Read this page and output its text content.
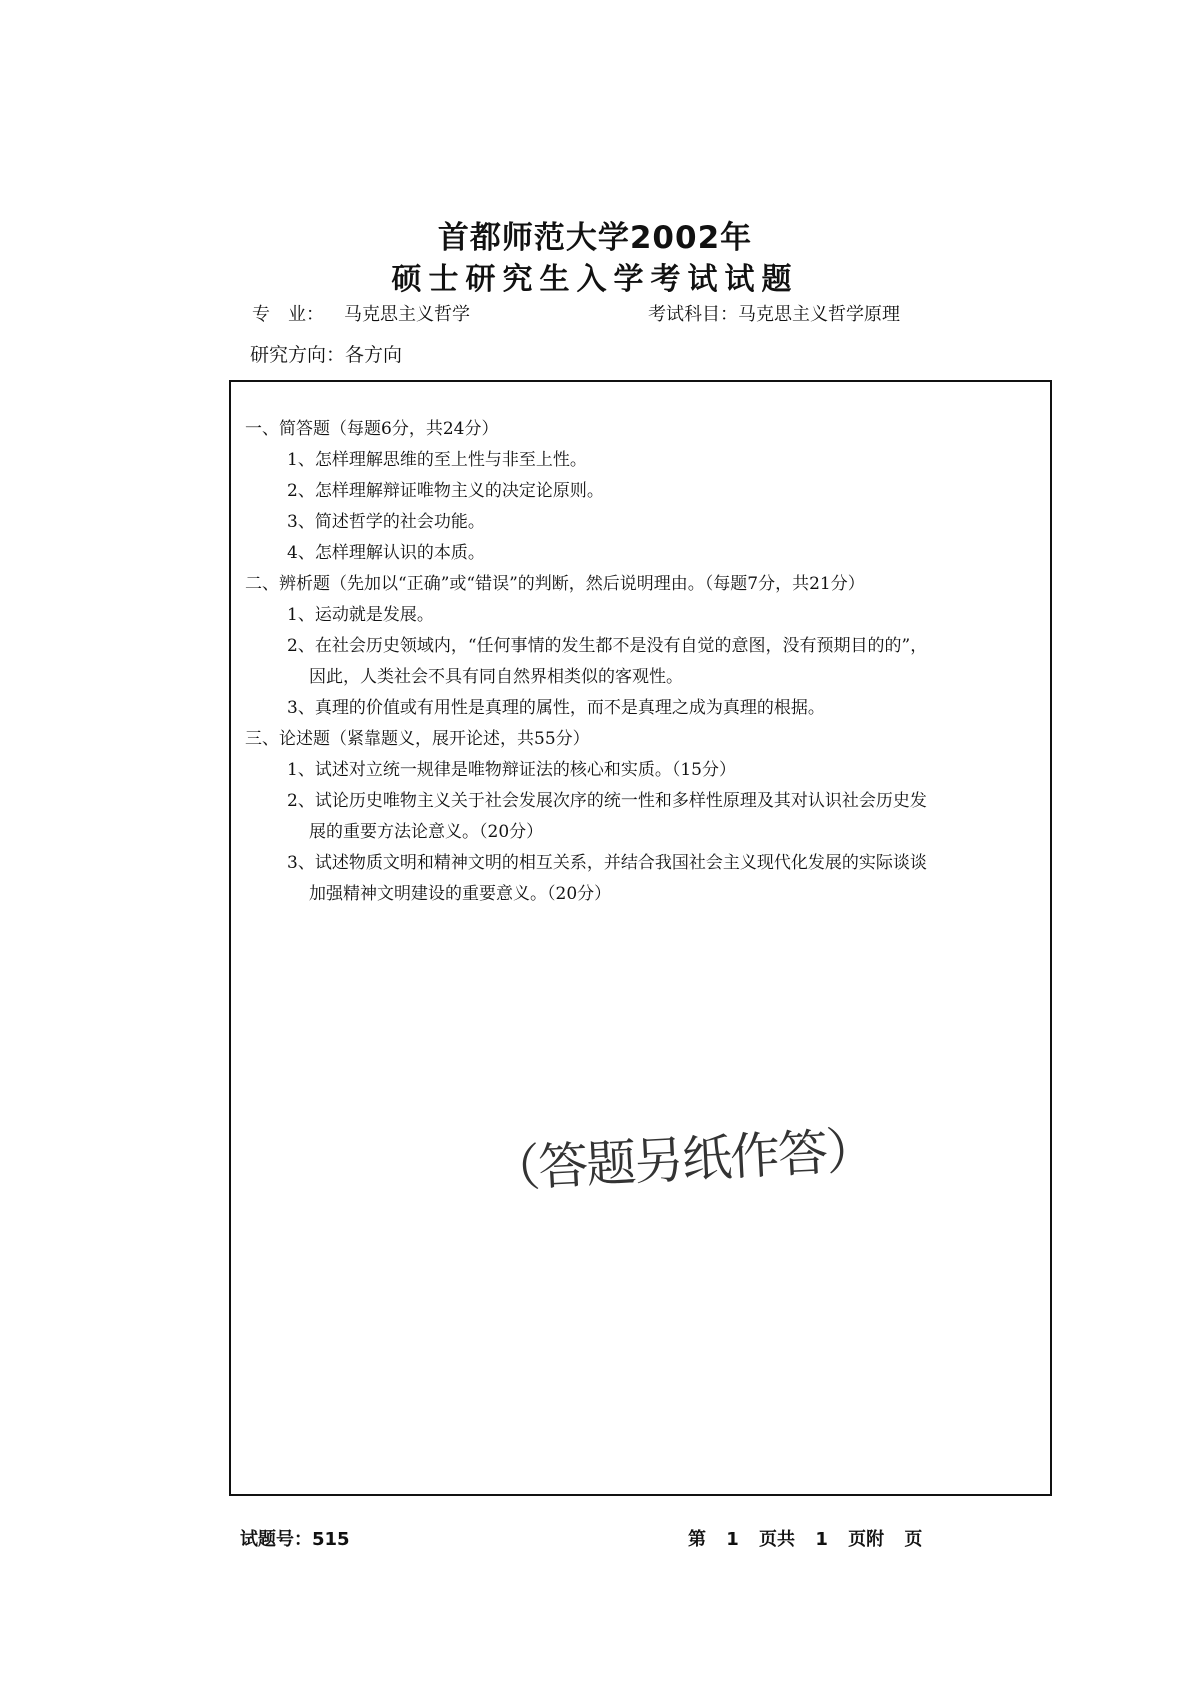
首都师范大学2002年
硕士研究生入学考试试题
专　业： 马克思主义哲学	考试科目：马克思主义哲学原理
研究方向：各方向
一、简答题（每题6分，共24分）
1、怎样理解思维的至上性与非至上性。
2、怎样理解辩证唯物主义的决定论原则。
3、简述哲学的社会功能。
4、怎样理解认识的本质。
二、辨析题（先加以“正确”或“错误”的判断，然后说明理由。（每题7分，共21分）
1、运动就是发展。
2、在社会历史领域内，“任何事情的发生都不是没有自觉的意图，没有预期目的的”，
因此，人类社会不具有同自然界相类似的客观性。
3、真理的价值或有用性是真理的属性，而不是真理之成为真理的根据。
三、论述题（紧靠题义，展开论述，共55分）
1、试述对立统一规律是唯物辩证法的核心和实质。（15分）
2、试论历史唯物主义关于社会发展次序的统一性和多样性原理及其对认识社会历史发
展的重要方法论意义。（20分）
3、试述物质文明和精神文明的相互关系，并结合我国社会主义现代化发展的实际谈谈
加强精神文明建设的重要意义。（20分）
（答题另纸作答）
试题号：515	第 1 页共 1 页附 页
